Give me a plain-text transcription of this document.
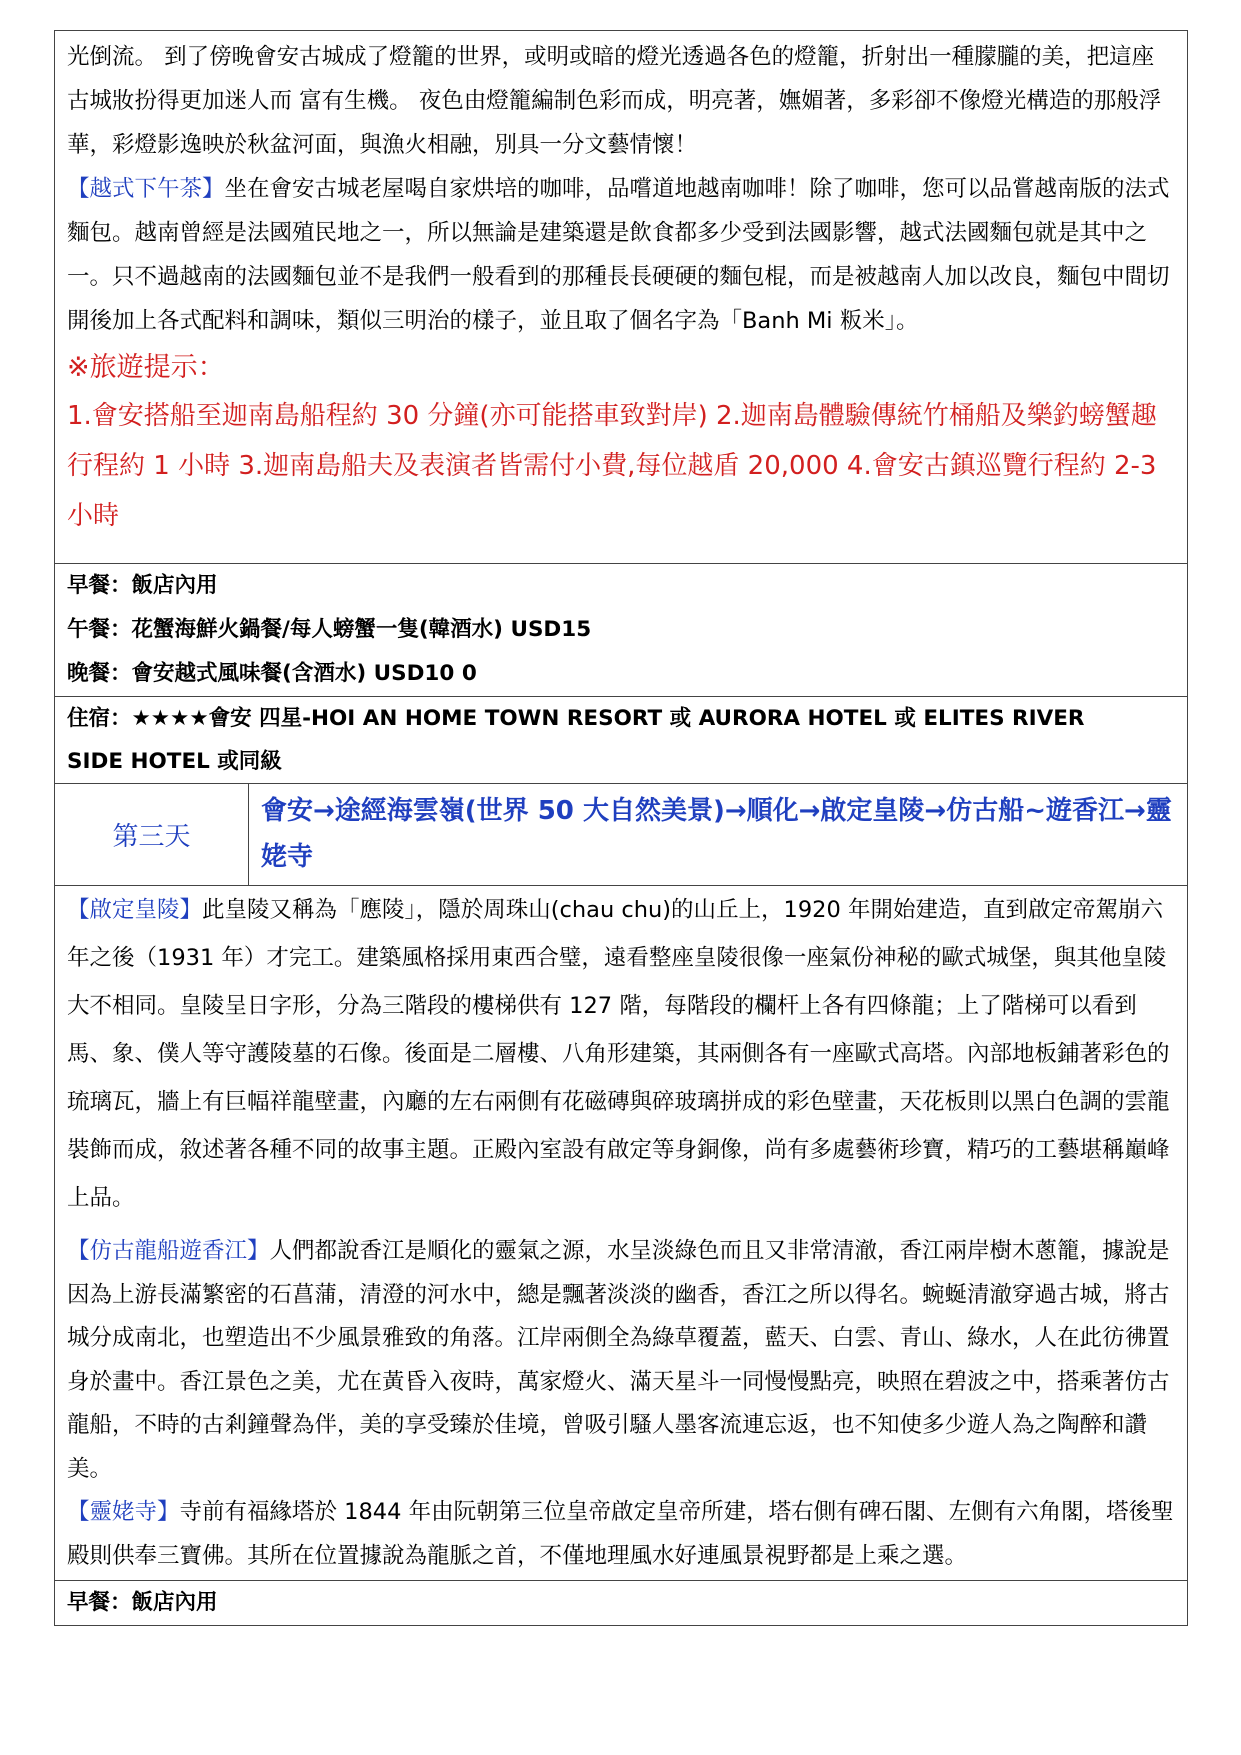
光倒流。 到了傍晚會安古城成了燈籠的世界，或明或暗的燈光透過各色的燈籠，折射出一種朦朧的美，把這座古城妝扮得更加迷人而 富有生機。 夜色由燈籠編制色彩而成，明亮著，嫵媚著，多彩卻不像燈光構造的那般浮華，彩燈影逸映於秋盆河面，與漁火相融，別具一分文藝情懷！

【越式下午茶】坐在會安古城老屋喝自家烘培的咖啡，品嚐道地越南咖啡！除了咖啡，您可以品嘗越南版的法式麵包。越南曾經是法國殖民地之一，所以無論是建築還是飲食都多少受到法國影響，越式法國麵包就是其中之一。只不過越南的法國麵包並不是我們一般看到的那種長長硬硬的麵包棍，而是被越南人加以改良，麵包中間切開後加上各式配料和調味，類似三明治的樣子，並且取了個名字為「Banh Mi 粄米」。

※旅遊提示：

1.會安搭船至迦南島船程約 30 分鐘(亦可能搭車致對岸) 2.迦南島體驗傳統竹桶船及樂釣螃蟹趣行程約 1 小時 3.迦南島船夫及表演者皆需付小費,每位越盾 20,000 4.會安古鎮巡覽行程約 2-3 小時

早餐：飯店內用

午餐：花蟹海鮮火鍋餐/每人螃蟹一隻(韓酒水) USD15

晚餐：會安越式風味餐(含酒水) USD10 0

住宿：★★★★會安 四星-HOI AN HOME TOWN RESORT 或 AURORA HOTEL 或 ELITES RIVER SIDE HOTEL 或同級

第三天
會安→途經海雲嶺(世界 50 大自然美景)→順化→啟定皇陵→仿古船~遊香江→靈姥寺

【啟定皇陵】此皇陵又稱為「應陵」，隱於周珠山(chau chu)的山丘上，1920 年開始建造，直到啟定帝駕崩六年之後（1931 年）才完工。建築風格採用東西合璧，遠看整座皇陵很像一座氣份神秘的歐式城堡，與其他皇陵大不相同。皇陵呈日字形，分為三階段的樓梯供有 127 階，每階段的欄杆上各有四條龍；上了階梯可以看到馬、象、僕人等守護陵墓的石像。後面是二層樓、八角形建築，其兩側各有一座歐式高塔。內部地板鋪著彩色的琉璃瓦，牆上有巨幅祥龍壁畫，內廳的左右兩側有花磁磚與碎玻璃拼成的彩色壁畫，天花板則以黑白色調的雲龍裝飾而成，敘述著各種不同的故事主題。正殿內室設有啟定等身銅像，尚有多處藝術珍寶，精巧的工藝堪稱巔峰上品。

【仿古龍船遊香江】人們都說香江是順化的靈氣之源，水呈淡綠色而且又非常清澈，香江兩岸樹木蔥籠，據說是因為上游長滿繁密的石菖蒲，清澄的河水中，總是飄著淡淡的幽香，香江之所以得名。蜿蜒清澈穿過古城，將古城分成南北，也塑造出不少風景雅致的角落。江岸兩側全為綠草覆蓋，藍天、白雲、青山、綠水，人在此彷彿置身於畫中。香江景色之美，尤在黃昏入夜時，萬家燈火、滿天星斗一同慢慢點亮，映照在碧波之中，搭乘著仿古龍船，不時的古剎鐘聲為伴，美的享受臻於佳境，曾吸引騷人墨客流連忘返，也不知使多少遊人為之陶醉和讚美。

【靈姥寺】寺前有福緣塔於 1844 年由阮朝第三位皇帝啟定皇帝所建，塔右側有碑石閣、左側有六角閣，塔後聖殿則供奉三寶佛。其所在位置據說為龍脈之首，不僅地理風水好連風景視野都是上乘之選。

早餐：飯店內用
